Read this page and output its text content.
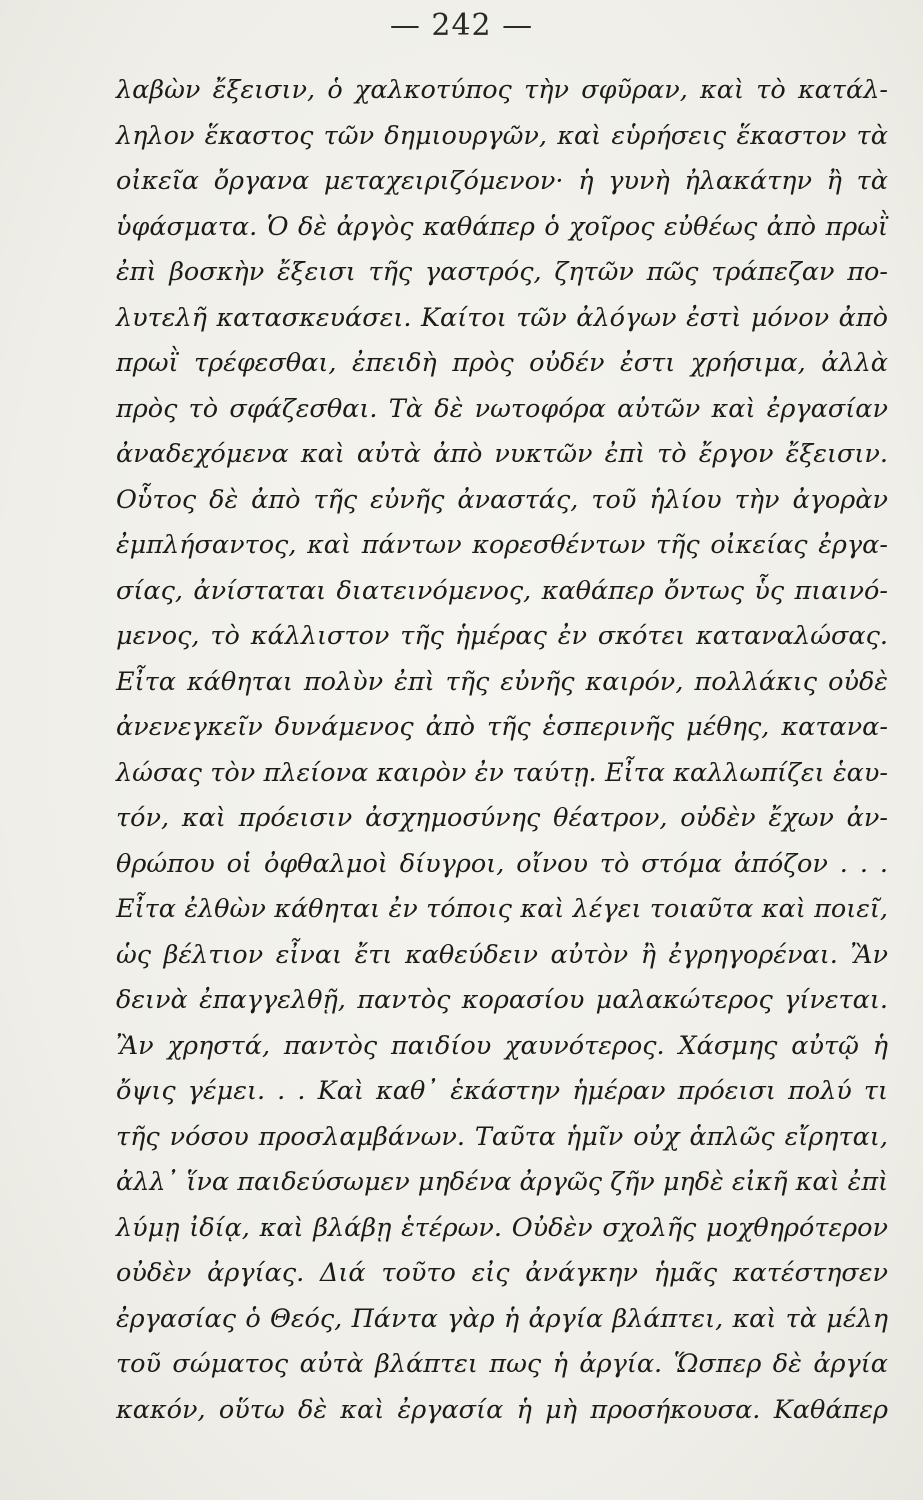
— 242 —
λαβὼν ἔξεισιν, ὁ χαλκοτύπος τὴν σφῦραν, καὶ τὸ κατάλ-
ληλον ἕκαστος τῶν δημιουργῶν, καὶ εὑρήσεις ἕκαστον τὰ
οἰκεῖα ὄργανα μεταχειριζόμενον· ἡ γυνὴ ἠλακάτην ἢ τὰ
ὑφάσματα. Ὁ δὲ ἀργὸς καθάπερ ὁ χοῖρος εὐθέως ἀπὸ πρωῒ
ἐπὶ βοσκὴν ἔξεισι τῆς γαστρός, ζητῶν πῶς τράπεζαν πο-
λυτελῆ κατασκευάσει. Καίτοι τῶν ἀλόγων ἐστὶ μόνον ἀπὸ
πρωῒ τρέφεσθαι, ἐπειδὴ πρὸς οὐδέν ἐστι χρήσιμα, ἀλλὰ
πρὸς τὸ σφάζεσθαι. Τὰ δὲ νωτοφόρα αὐτῶν καὶ ἐργασίαν
ἀναδεχόμενα καὶ αὐτὰ ἀπὸ νυκτῶν ἐπὶ τὸ ἔργον ἔξεισιν.
Οὗτος δὲ ἀπὸ τῆς εὐνῆς ἀναστάς, τοῦ ἡλίου τὴν ἀγορὰν
ἐμπλήσαντος, καὶ πάντων κορεσθέντων τῆς οἰκείας ἐργα-
σίας, ἀνίσταται διατεινόμενος, καθάπερ ὄντως ὗς πιαινό-
μενος, τὸ κάλλιστον τῆς ἡμέρας ἐν σκότει καταναλώσας.
Εἶτα κάθηται πολὺν ἐπὶ τῆς εὐνῆς καιρόν, πολλάκις οὐδὲ
ἀνενεγκεῖν δυνάμενος ἀπὸ τῆς ἑσπερινῆς μέθης, κατανα-
λώσας τὸν πλείονα καιρὸν ἐν ταύτῃ. Εἶτα καλλωπίζει ἑαυ-
τόν, καὶ πρόεισιν ἀσχημοσύνης θέατρον, οὐδὲν ἔχων ἀν-
θρώπου οἱ ὀφθαλμοὶ δίυγροι, οἴνου τὸ στόμα ἀπόζον . . .
Εἶτα ἐλθὼν κάθηται ἐν τόποις καὶ λέγει τοιαῦτα καὶ ποιεῖ,
ὡς βέλτιον εἶναι ἔτι καθεύδειν αὐτὸν ἢ ἐγρηγορέναι. Ἂν
δεινὰ ἐπαγγελθῇ, παντὸς κορασίου μαλακώτερος γίνεται.
Ἂν χρηστά, παντὸς παιδίου χαυνότερος. Χάσμης αὐτῷ ἡ
ὄψις γέμει. . . Καὶ καθ᾽ ἑκάστην ἡμέραν πρόεισι πολύ τι
τῆς νόσου προσλαμβάνων. Ταῦτα ἡμῖν οὐχ ἁπλῶς εἴρηται,
ἀλλ᾽ ἵνα παιδεύσωμεν μηδένα ἀργῶς ζῆν μηδὲ εἰκῆ καὶ ἐπὶ
λύμῃ ἰδίᾳ, καὶ βλάβῃ ἑτέρων. Οὐδὲν σχολῆς μοχθηρότερον
οὐδὲν ἀργίας. Διά τοῦτο εἰς ἀνάγκην ἡμᾶς κατέστησεν
ἐργασίας ὁ Θεός, Πάντα γὰρ ἡ ἀργία βλάπτει, καὶ τὰ μέλη
τοῦ σώματος αὐτὰ βλάπτει πως ἡ ἀργία. Ὥσπερ δὲ ἀργία
κακόν, οὕτω δὲ καὶ ἐργασία ἡ μὴ προσήκουσα. Καθάπερ
